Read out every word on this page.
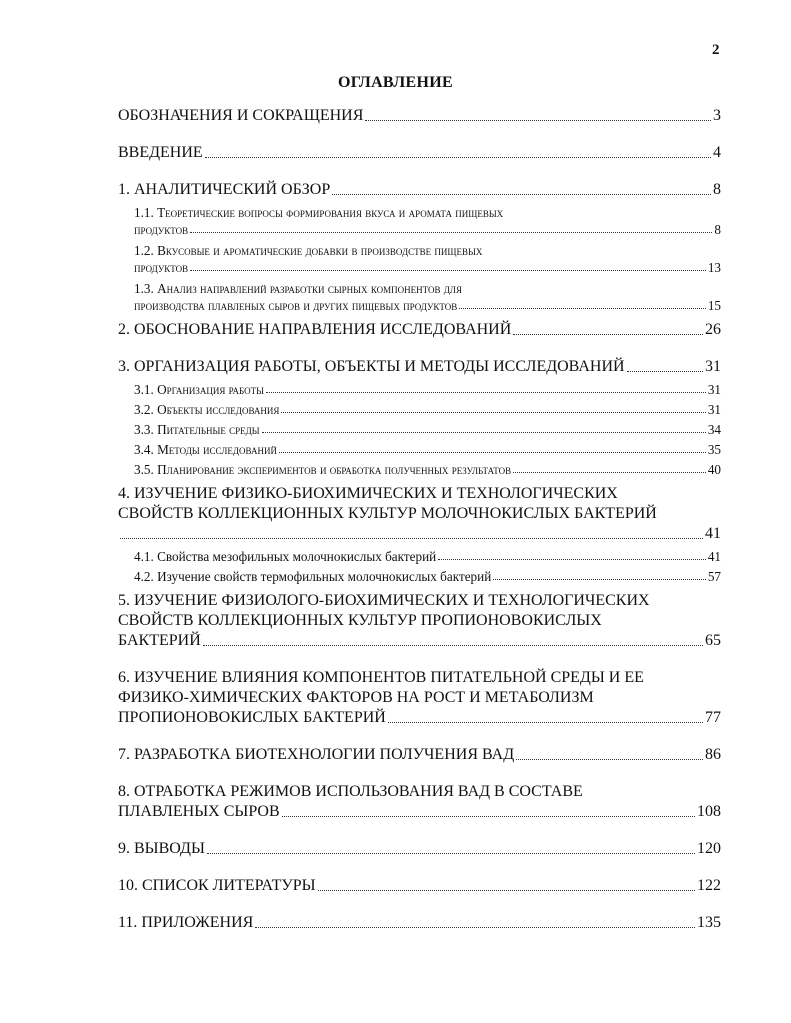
2
ОГЛАВЛЕНИЕ
ОБОЗНАЧЕНИЯ И СОКРАЩЕНИЯ	3
ВВЕДЕНИЕ	4
1. АНАЛИТИЧЕСКИЙ ОБЗОР	8
1.1. Теоретические вопросы формирования вкуса и аромата пищевых
продуктов	8
1.2. Вкусовые и ароматические добавки в производстве пищевых
продуктов	13
1.3. Анализ направлений разработки сырных компонентов для
производства плавленых сыров и других пищевых продуктов	15
2. ОБОСНОВАНИЕ НАПРАВЛЕНИЯ ИССЛЕДОВАНИЙ	26
3. ОРГАНИЗАЦИЯ РАБОТЫ, ОБЪЕКТЫ И МЕТОДЫ ИССЛЕДОВАНИЙ	31
3.1. Организация работы	31
3.2. Объекты исследования	31
3.3. Питательные среды	34
3.4. Методы исследований	35
3.5. Планирование экспериментов и обработка полученных результатов	40
4. ИЗУЧЕНИЕ ФИЗИКО-БИОХИМИЧЕСКИХ И ТЕХНОЛОГИЧЕСКИХ
СВОЙСТВ КОЛЛЕКЦИОННЫХ КУЛЬТУР МОЛОЧНОКИСЛЫХ БАКТЕРИЙ
41
4.1. Свойства мезофильных молочнокислых бактерий	41
4.2. Изучение свойств термофильных молочнокислых бактерий	57
5. ИЗУЧЕНИЕ ФИЗИОЛОГО-БИОХИМИЧЕСКИХ И ТЕХНОЛОГИЧЕСКИХ
СВОЙСТВ КОЛЛЕКЦИОННЫХ КУЛЬТУР ПРОПИОНОВОКИСЛЫХ
БАКТЕРИЙ	65
6. ИЗУЧЕНИЕ ВЛИЯНИЯ КОМПОНЕНТОВ ПИТАТЕЛЬНОЙ СРЕДЫ И ЕЕ
ФИЗИКО-ХИМИЧЕСКИХ ФАКТОРОВ НА РОСТ И МЕТАБОЛИЗМ
ПРОПИОНОВОКИСЛЫХ БАКТЕРИЙ	77
7. РАЗРАБОТКА БИОТЕХНОЛОГИИ ПОЛУЧЕНИЯ ВАД	86
8. ОТРАБОТКА РЕЖИМОВ ИСПОЛЬЗОВАНИЯ ВАД В СОСТАВЕ
ПЛАВЛЕНЫХ СЫРОВ	108
9. ВЫВОДЫ	120
10. СПИСОК ЛИТЕРАТУРЫ	122
11. ПРИЛОЖЕНИЯ	135
